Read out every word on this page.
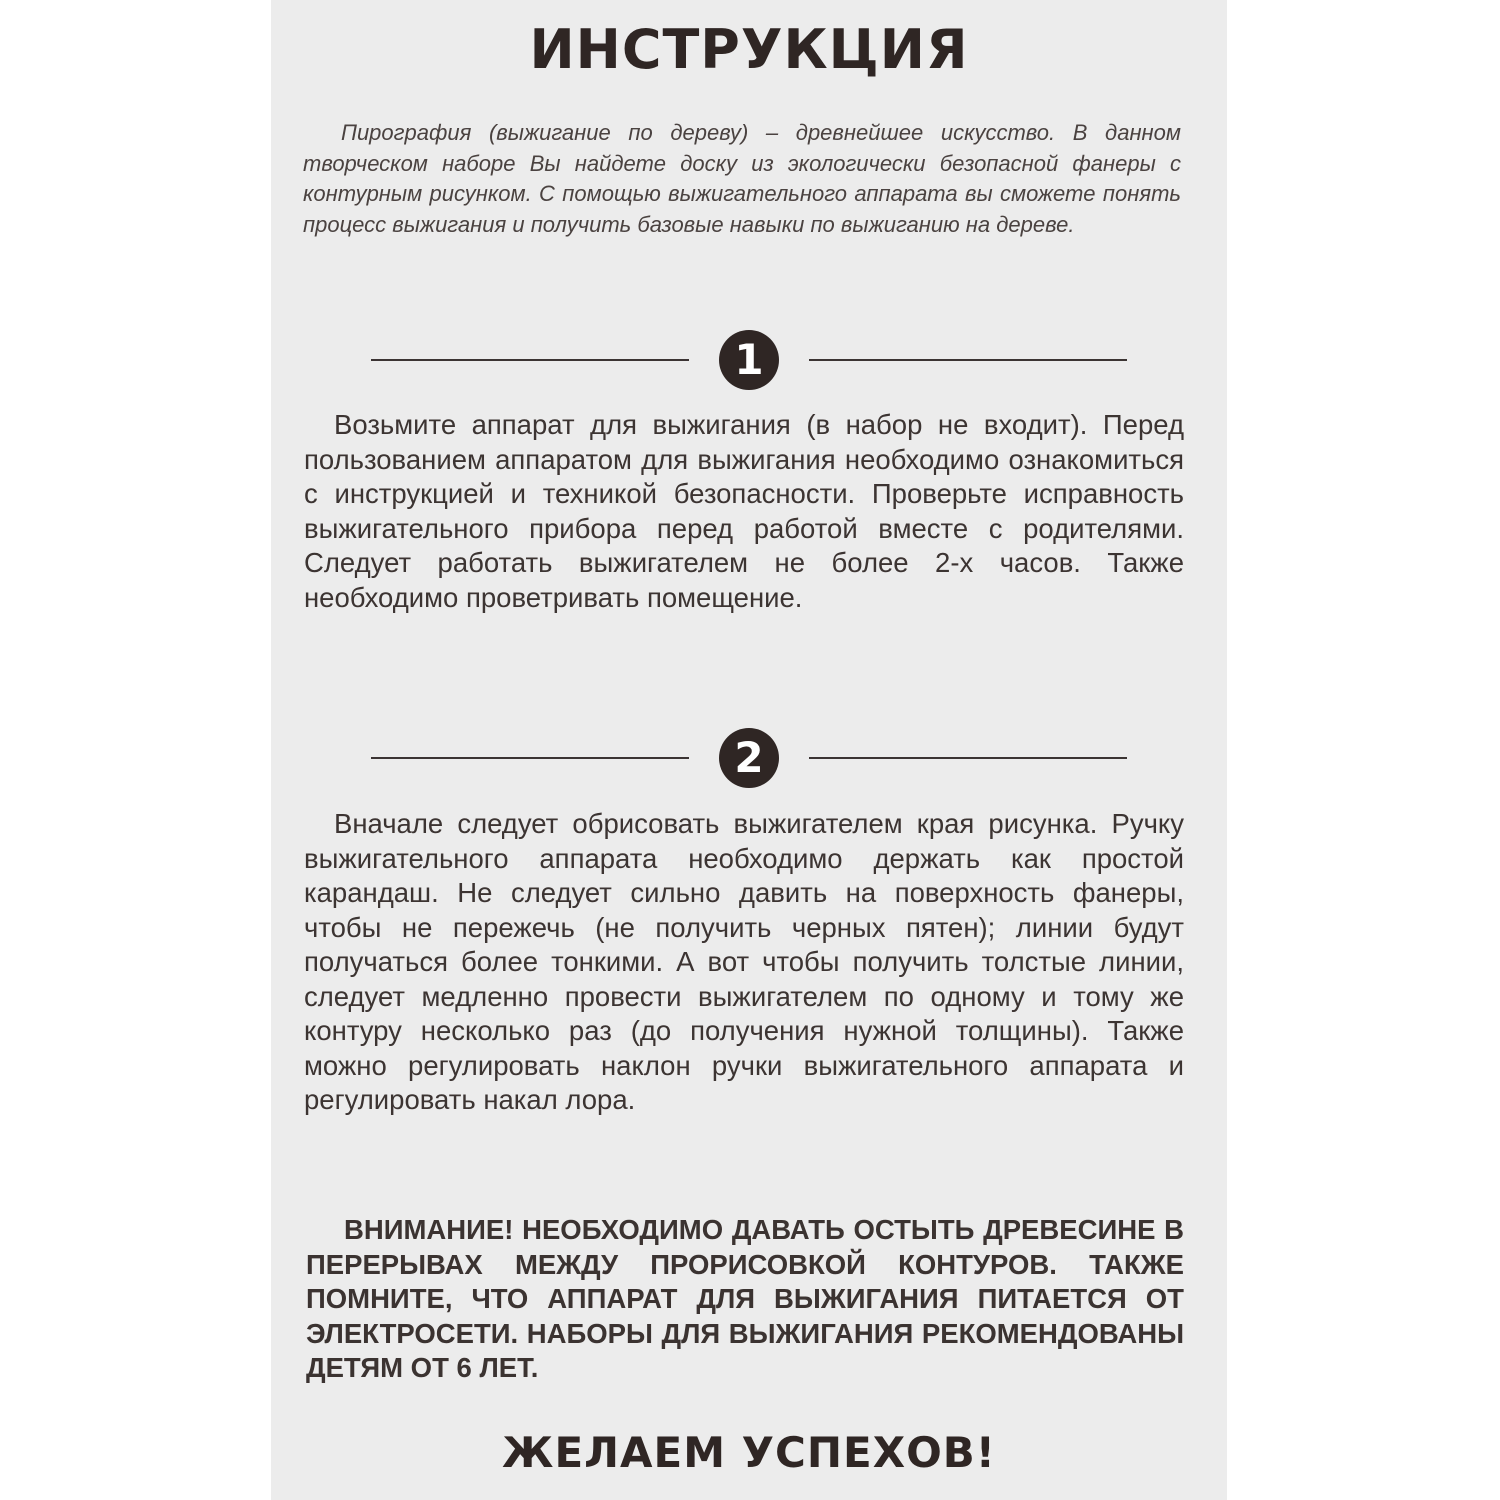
ИНСТРУКЦИЯ

Пирография (выжигание по дереву) – древнейшее искусство. В данном творческом наборе Вы найдете доску из экологически безопасной фанеры с контурным рисунком. С помощью выжигательного аппарата вы сможете понять процесс выжигания и получить базовые навыки по выжиганию на дереве.

1

Возьмите аппарат для выжигания (в набор не входит). Перед пользованием аппаратом для выжигания необходимо ознакомиться с инструкцией и техникой безопасности. Проверьте исправность выжигательного прибора перед работой вместе с родителями. Следует работать выжигателем не более 2-х часов. Также необходимо проветривать помещение.

2

Вначале следует обрисовать выжигателем края рисунка. Ручку выжигательного аппарата необходимо держать как простой карандаш. Не следует сильно давить на поверхность фанеры, чтобы не пережечь (не получить черных пятен); линии будут получаться более тонкими. А вот чтобы получить толстые линии, следует медленно провести выжигателем по одному и тому же контуру несколько раз (до получения нужной толщины). Также можно регулировать наклон ручки выжигательного аппарата и регулировать накал лора.

ВНИМАНИЕ! НЕОБХОДИМО ДАВАТЬ ОСТЫТЬ ДРЕВЕСИНЕ В ПЕРЕРЫВАХ МЕЖДУ ПРОРИСОВКОЙ КОНТУРОВ. ТАКЖЕ ПОМНИТЕ, ЧТО АППАРАТ ДЛЯ ВЫЖИГАНИЯ ПИТАЕТСЯ ОТ ЭЛЕКТРОСЕТИ. НАБОРЫ ДЛЯ ВЫЖИГАНИЯ РЕКОМЕНДОВАНЫ ДЕТЯМ ОТ 6 ЛЕТ.

ЖЕЛАЕМ УСПЕХОВ!
